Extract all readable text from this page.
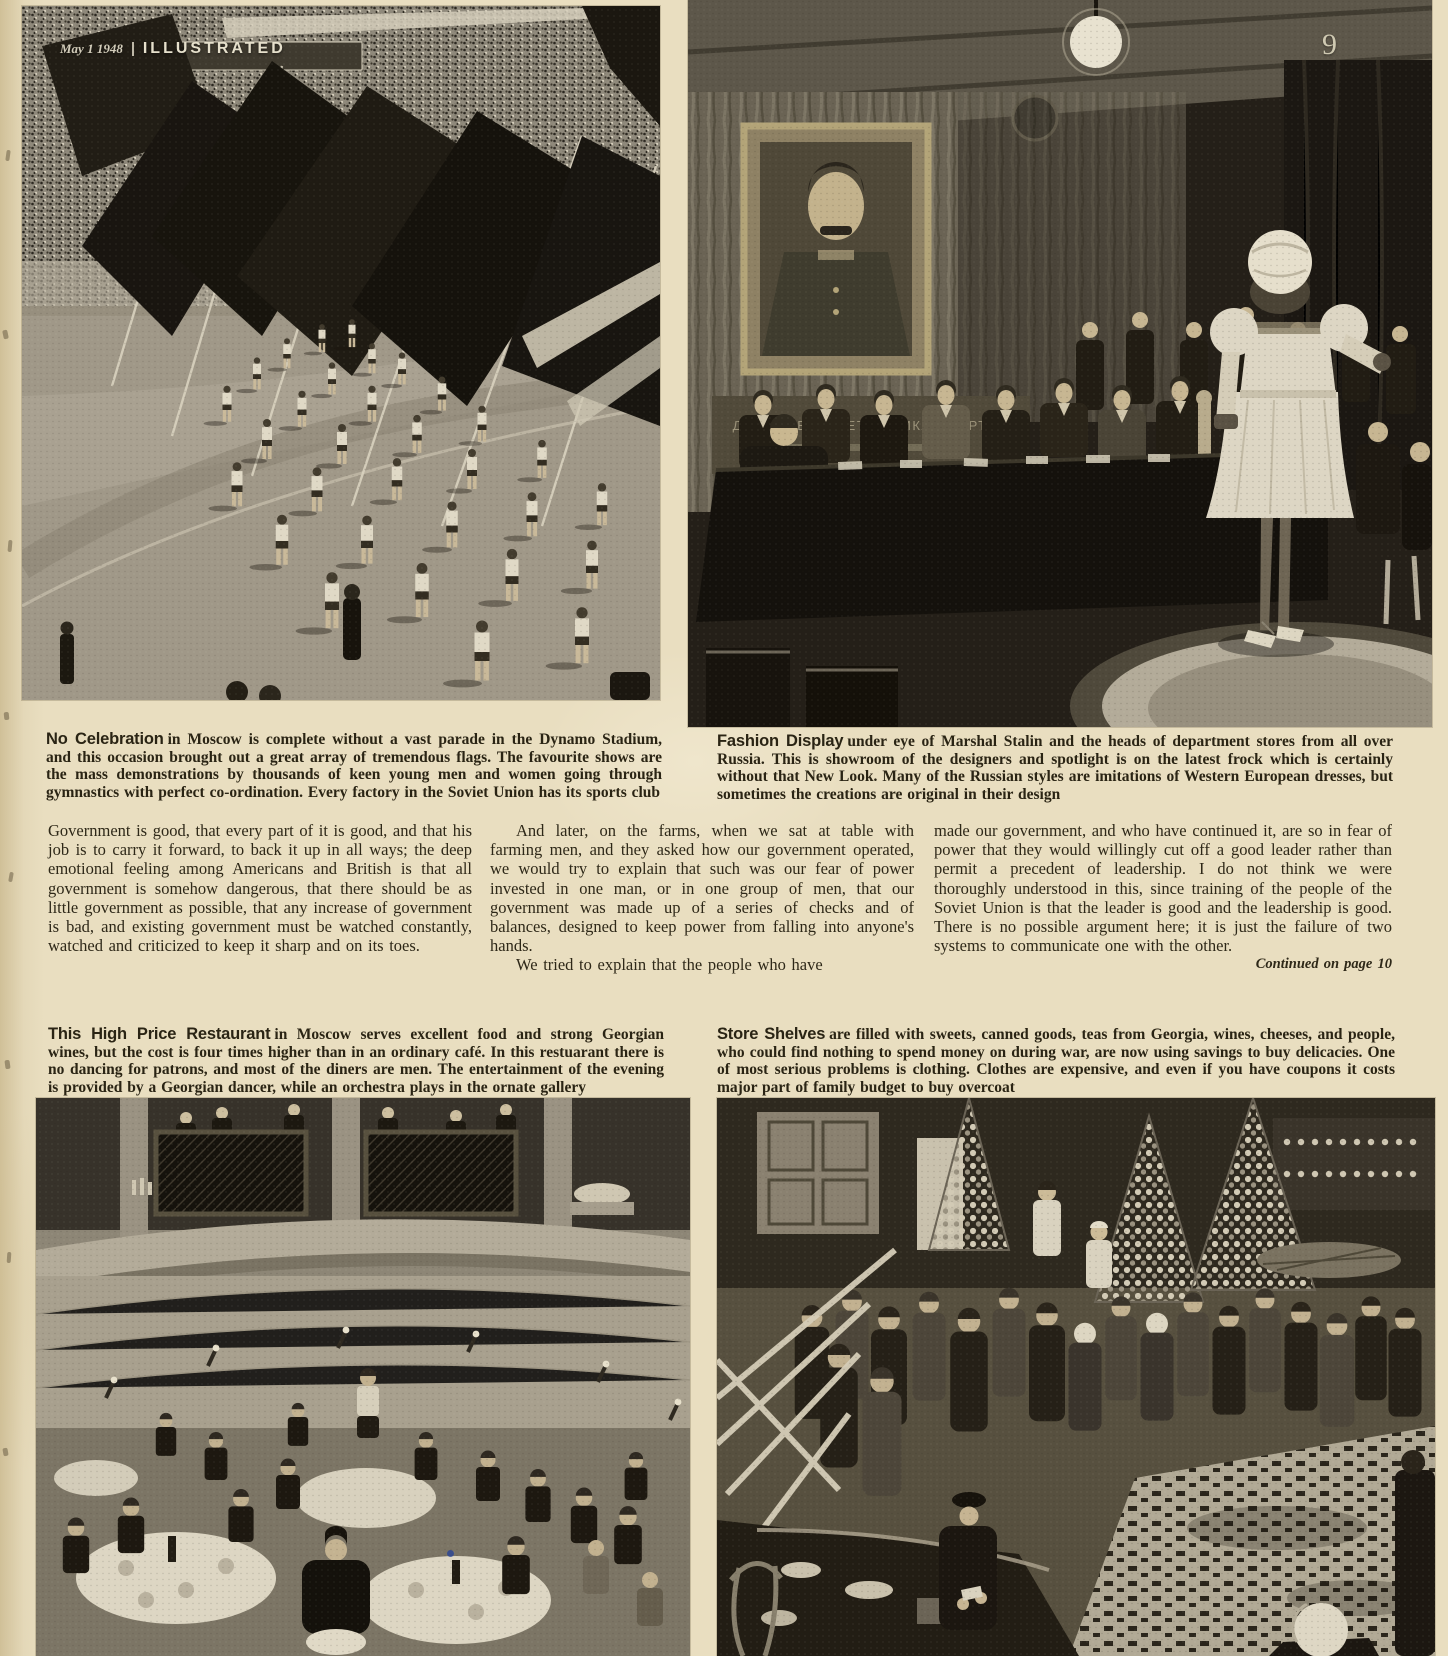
May 1 1948 ILLUSTRATED	9

No Celebration in Moscow is complete without a vast parade in the Dynamo Stadium, and this occasion brought out a great array of tremendous flags. The favourite shows are the mass demonstrations by thousands of keen young men and women going through gymnastics with perfect co-ordination. Every factory in the Soviet Union has its sports club

Fashion Display under eye of Marshal Stalin and the heads of department stores from all over Russia. This is showroom of the designers and spotlight is on the latest frock which is certainly without that New Look. Many of the Russian styles are imitations of Western European dresses, but sometimes the creations are original in their design

Government is good, that every part of it is good, and that his job is to carry it forward, to back it up in all ways; the deep emotional feeling among Americans and British is that all government is somehow dangerous, that there should be as little government as possible, that any increase of government is bad, and existing government must be watched constantly, watched and criticized to keep it sharp and on its toes.

And later, on the farms, when we sat at table with farming men, and they asked how our government operated, we would try to explain that such was our fear of power invested in one man, or in one group of men, that our government was made up of a series of checks and of balances, designed to keep power from falling into anyone's hands.

We tried to explain that the people who have

made our government, and who have continued it, are so in fear of power that they would willingly cut off a good leader rather than permit a precedent of leadership. I do not think we were thoroughly understood in this, since training of the people of the Soviet Union is that the leader is good and the leadership is good. There is no possible argument here; it is just the failure of two systems to communicate one with the other.

Continued on page 10

This High Price Restaurant in Moscow serves excellent food and strong Georgian wines, but the cost is four times higher than in an ordinary café. In this restuarant there is no dancing for patrons, and most of the diners are men. The entertainment of the evening is provided by a Georgian dancer, while an orchestra plays in the ornate gallery

Store Shelves are filled with sweets, canned goods, teas from Georgia, wines, cheeses, and people, who could find nothing to spend money on during war, are now using savings to buy delicacies. One of most serious problems is clothing. Clothes are expensive, and even if you have coupons it costs major part of family budget to buy overcoat
